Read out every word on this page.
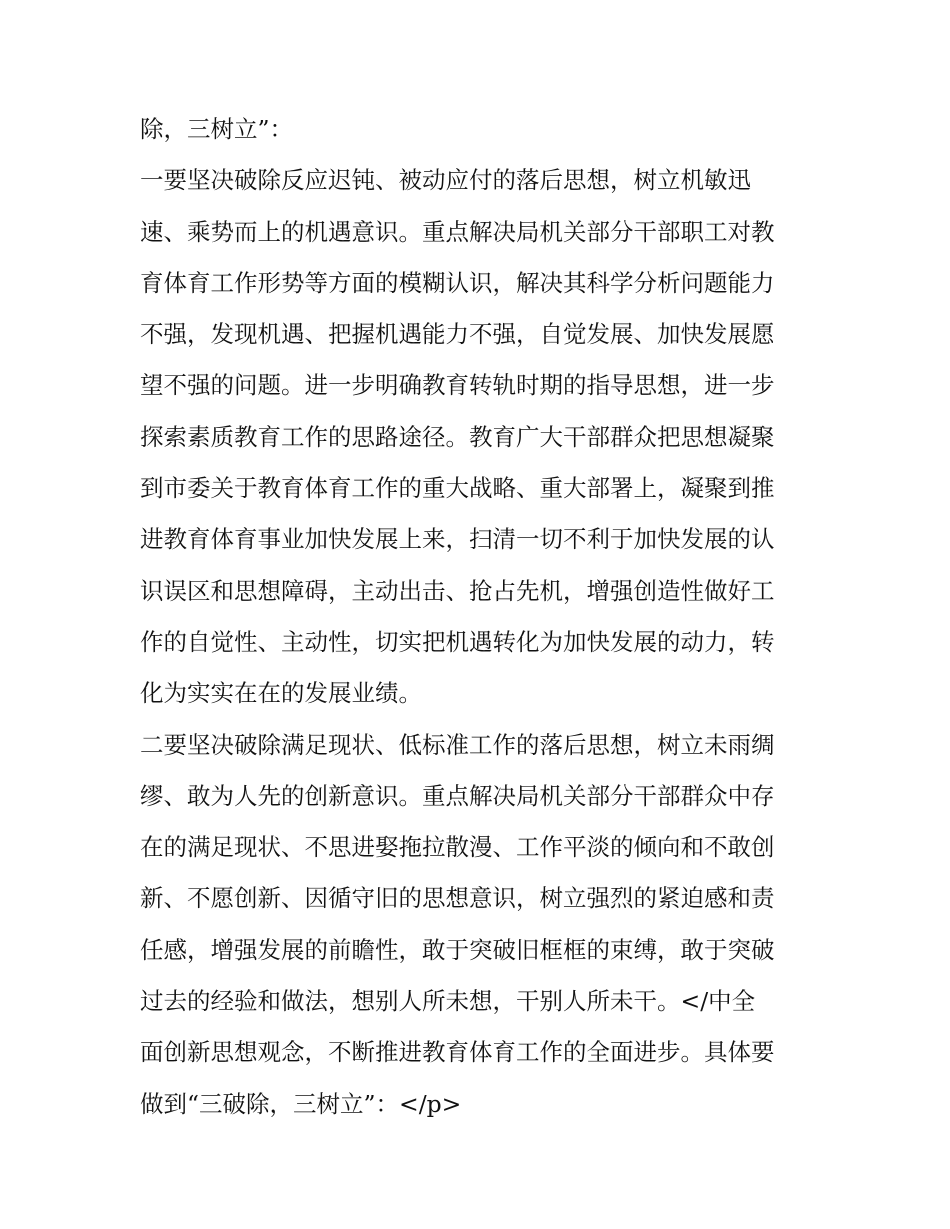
除，三树立”：
一要坚决破除反应迟钝、被动应付的落后思想，树立机敏迅
速、乘势而上的机遇意识。重点解决局机关部分干部职工对教
育体育工作形势等方面的模糊认识，解决其科学分析问题能力
不强，发现机遇、把握机遇能力不强，自觉发展、加快发展愿
望不强的问题。进一步明确教育转轨时期的指导思想，进一步
探索素质教育工作的思路途径。教育广大干部群众把思想凝聚
到市委关于教育体育工作的重大战略、重大部署上，凝聚到推
进教育体育事业加快发展上来，扫清一切不利于加快发展的认
识误区和思想障碍，主动出击、抢占先机，增强创造性做好工
作的自觉性、主动性，切实把机遇转化为加快发展的动力，转
化为实实在在的发展业绩。
二要坚决破除满足现状、低标准工作的落后思想，树立未雨绸
缪、敢为人先的创新意识。重点解决局机关部分干部群众中存
在的满足现状、不思进娶拖拉散漫、工作平淡的倾向和不敢创
新、不愿创新、因循守旧的思想意识，树立强烈的紧迫感和责
任感，增强发展的前瞻性，敢于突破旧框框的束缚，敢于突破
过去的经验和做法，想别人所未想，干别人所未干。</中全
面创新思想观念，不断推进教育体育工作的全面进步。具体要
做到“三破除，三树立”：</p>
